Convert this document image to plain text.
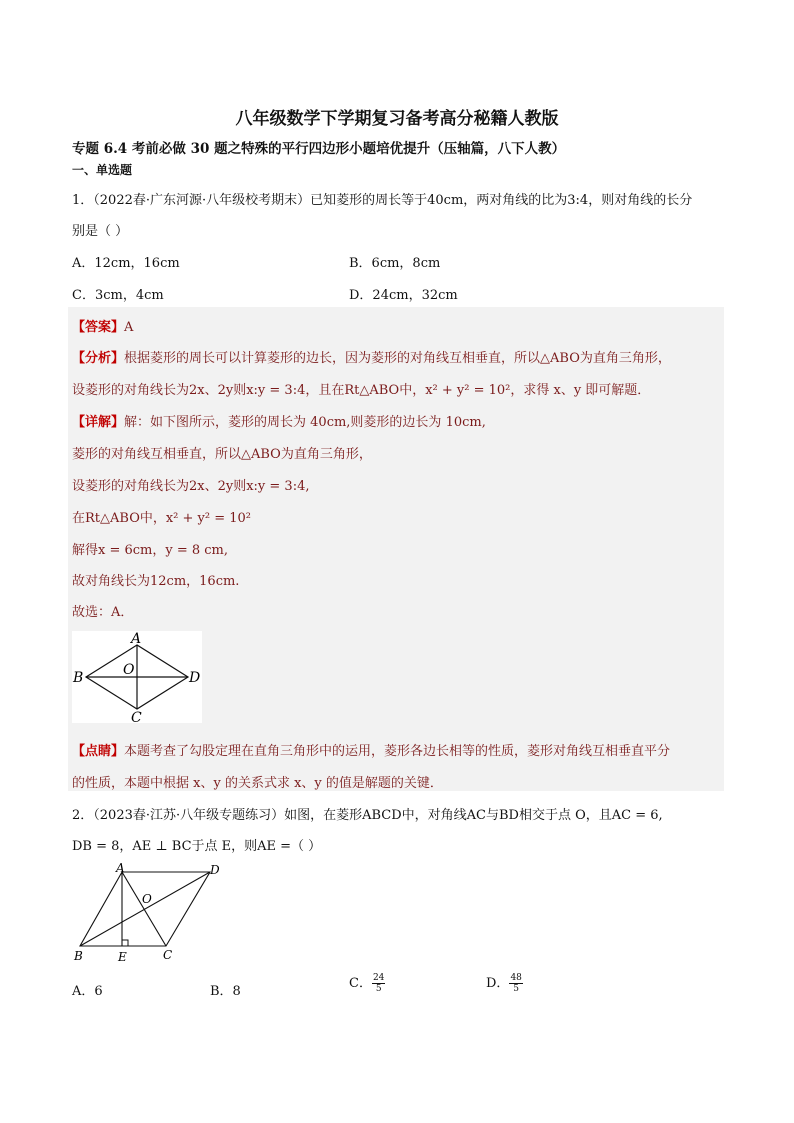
八年级数学下学期复习备考高分秘籍人教版
专题 6.4 考前必做 30 题之特殊的平行四边形小题培优提升（压轴篇，八下人教）
一、单选题
1．（2022春·广东河源·八年级校考期末）已知菱形的周长等于40cm，两对角线的比为3:4，则对角线的长分
别是（ ）
A．12cm，16cm	B．6cm，8cm
C．3cm，4cm	D．24cm，32cm
【答案】A
【分析】根据菱形的周长可以计算菱形的边长，因为菱形的对角线互相垂直，所以△ABO为直角三角形，
设菱形的对角线长为2x、2y则x:y = 3:4，且在Rt△ABO中，x² + y² = 10²，求得 x、y 即可解题．
【详解】解：如下图所示，菱形的周长为 40cm,则菱形的边长为 10cm,
菱形的对角线互相垂直，所以△ABO为直角三角形，
设菱形的对角线长为2x、2y则x:y = 3:4,
在Rt△ABO中，x² + y² = 10²
解得x = 6cm，y = 8 cm,
故对角线长为12cm，16cm.
故选：A．
A
B
C
D
O
【点睛】本题考查了勾股定理在直角三角形中的运用，菱形各边长相等的性质，菱形对角线互相垂直平分
的性质，本题中根据 x、y 的关系式求 x、y 的值是解题的关键．
2．（2023春·江苏·八年级专题练习）如图，在菱形ABCD中，对角线AC与BD相交于点 O，且AC = 6,
DB = 8，AE ⊥ BC于点 E，则AE =（ ）
A	D
B	E	C
O
A．6	B．8
C． $\frac{24}{5}$	D． $\frac{48}{5}$
